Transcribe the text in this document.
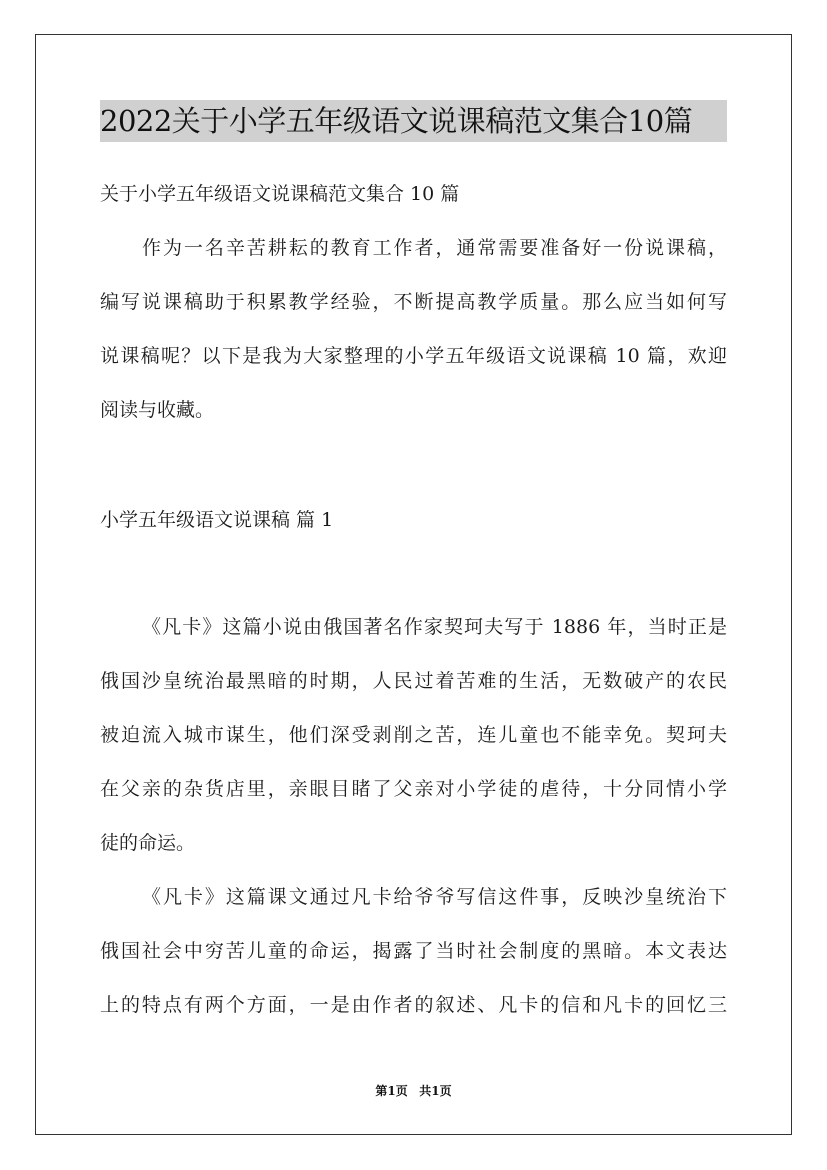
2022关于小学五年级语文说课稿范文集合10篇
关于小学五年级语文说课稿范文集合 10 篇
作为一名辛苦耕耘的教育工作者，通常需要准备好一份说课稿，
编写说课稿助于积累教学经验，不断提高教学质量。那么应当如何写
说课稿呢？以下是我为大家整理的小学五年级语文说课稿 10 篇，欢迎
阅读与收藏。
小学五年级语文说课稿 篇 1
《凡卡》这篇小说由俄国著名作家契珂夫写于 1886 年，当时正是
俄国沙皇统治最黑暗的时期，人民过着苦难的生活，无数破产的农民
被迫流入城市谋生，他们深受剥削之苦，连儿童也不能幸免。契珂夫
在父亲的杂货店里，亲眼目睹了父亲对小学徒的虐待，十分同情小学
徒的命运。
《凡卡》这篇课文通过凡卡给爷爷写信这件事，反映沙皇统治下
俄国社会中穷苦儿童的命运，揭露了当时社会制度的黑暗。本文表达
上的特点有两个方面，一是由作者的叙述、凡卡的信和凡卡的回忆三
第1页 共1页
